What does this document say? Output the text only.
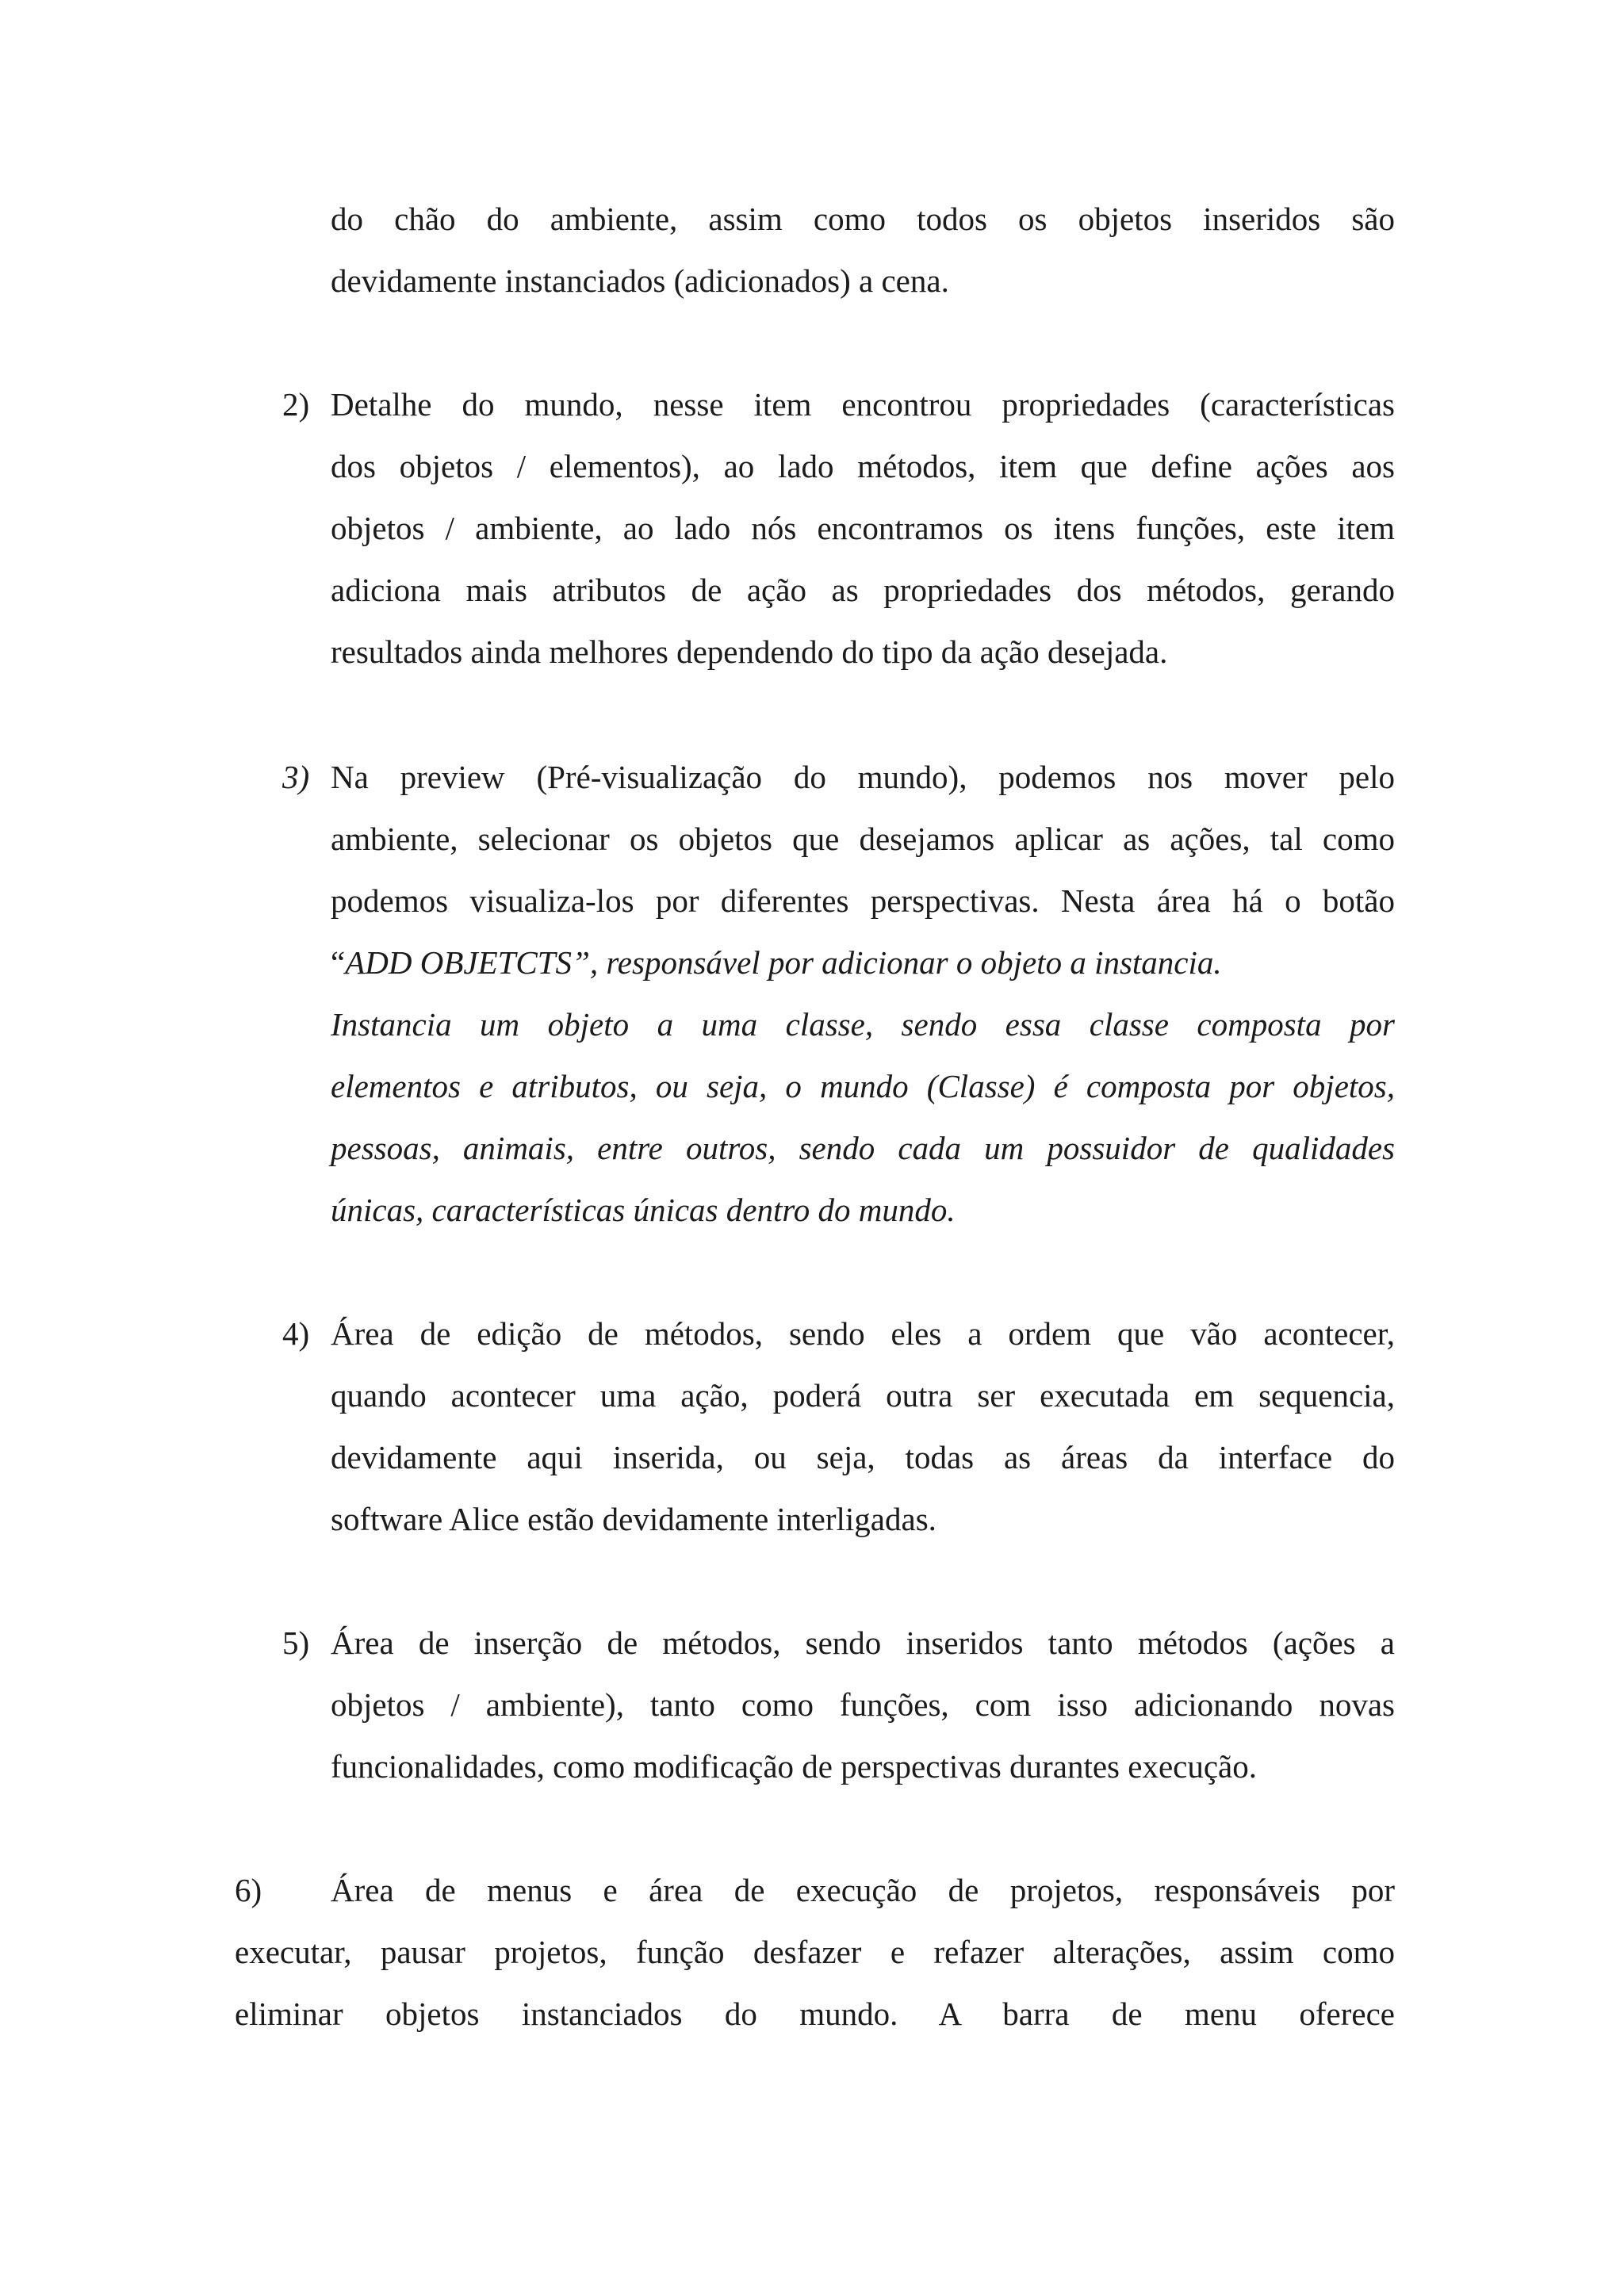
do chão do ambiente, assim como todos os objetos inseridos são

devidamente instanciados (adicionados) a cena.

2) Detalhe do mundo, nesse item encontrou propriedades (características

dos objetos / elementos), ao lado métodos, item que define ações aos

objetos / ambiente, ao lado nós encontramos os itens funções, este item

adiciona mais atributos de ação as propriedades dos métodos, gerando

resultados ainda melhores dependendo do tipo da ação desejada.

3) Na preview (Pré-visualização do mundo), podemos nos mover pelo

ambiente, selecionar os objetos que desejamos aplicar as ações, tal como

podemos visualiza-los por diferentes perspectivas. Nesta área há o botão

“ADD OBJETCTS”, responsável por adicionar o objeto a instancia.

Instancia um objeto a uma classe, sendo essa classe composta por

elementos e atributos, ou seja, o mundo (Classe) é composta por objetos,

pessoas, animais, entre outros, sendo cada um possuidor de qualidades

únicas, características únicas dentro do mundo.

4) Área de edição de métodos, sendo eles a ordem que vão acontecer,

quando acontecer uma ação, poderá outra ser executada em sequencia,

devidamente aqui inserida, ou seja, todas as áreas da interface do

software Alice estão devidamente interligadas.

5) Área de inserção de métodos, sendo inseridos tanto métodos (ações a

objetos / ambiente), tanto como funções, com isso adicionando novas

funcionalidades, como modificação de perspectivas durantes execução.

6) Área de menus e área de execução de projetos, responsáveis por

executar, pausar projetos, função desfazer e refazer alterações, assim como

eliminar objetos instanciados do mundo. A barra de menu oferece
